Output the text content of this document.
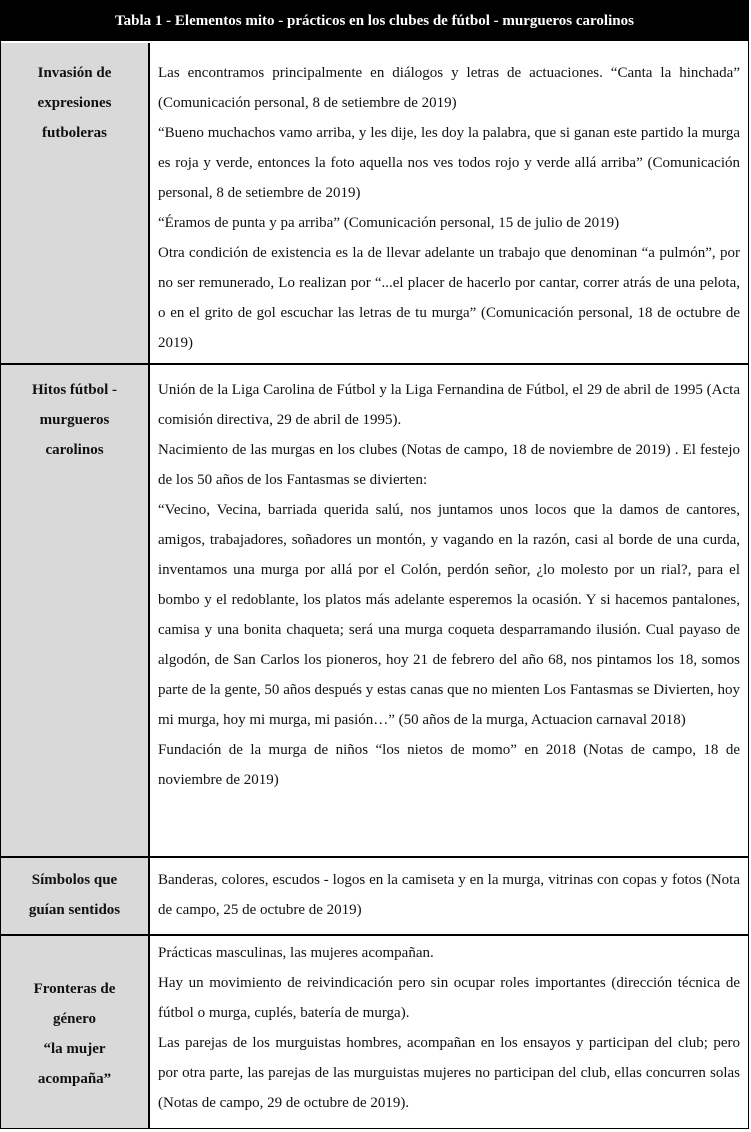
Tabla 1 - Elementos mito - prácticos en los clubes de fútbol - murgueros carolinos
Invasión de
expresiones
futboleras

Las encontramos principalmente en diálogos y letras de actuaciones. “Canta la hinchada” (Comunicación personal, 8 de setiembre de 2019)

“Bueno muchachos vamo arriba, y les dije, les doy la palabra, que si ganan este partido la murga es roja y verde, entonces la foto aquella nos ves todos rojo y verde allá arriba” (Comunicación personal, 8 de setiembre de 2019)

“Éramos de punta y pa arriba” (Comunicación personal, 15 de julio de 2019)

Otra condición de existencia es la de llevar adelante un trabajo que denominan “a pulmón”, por no ser remunerado, Lo realizan por “...el placer de hacerlo por cantar, correr atrás de una pelota, o en el grito de gol escuchar las letras de tu murga” (Comunicación personal, 18 de octubre de 2019)

Hitos fútbol -
murgueros
carolinos

Unión de la Liga Carolina de Fútbol y la Liga Fernandina de Fútbol, el 29 de abril de 1995 (Acta comisión directiva, 29 de abril de 1995).

Nacimiento de las murgas en los clubes (Notas de campo, 18 de noviembre de 2019) . El festejo de los 50 años de los Fantasmas se divierten:

“Vecino, Vecina, barriada querida salú, nos juntamos unos locos que la damos de cantores, amigos, trabajadores, soñadores un montón, y vagando en la razón, casi al borde de una curda, inventamos una murga por allá por el Colón, perdón señor, ¿lo molesto por un rial?, para el bombo y el redoblante, los platos más adelante esperemos la ocasión. Y si hacemos pantalones, camisa y una bonita chaqueta; será una murga coqueta desparramando ilusión. Cual payaso de algodón, de San Carlos los pioneros, hoy 21 de febrero del año 68, nos pintamos los 18, somos parte de la gente, 50 años después y estas canas que no mienten Los Fantasmas se Divierten, hoy mi murga, hoy mi murga, mi pasión…” (50 años de la murga, Actuacion carnaval 2018)

Fundación de la murga de niños “los nietos de momo” en 2018 (Notas de campo, 18 de noviembre de 2019)

Símbolos que
guían sentidos

Banderas, colores, escudos - logos en la camiseta y en la murga, vitrinas con copas y fotos (Nota de campo, 25 de octubre de 2019)

Fronteras de
género
“la mujer
acompaña”

Prácticas masculinas, las mujeres acompañan.

Hay un movimiento de reivindicación pero sin ocupar roles importantes (dirección técnica de fútbol o murga, cuplés, batería de murga).

Las parejas de los murguistas hombres, acompañan en los ensayos y participan del club; pero por otra parte, las parejas de las murguistas mujeres no participan del club, ellas concurren solas (Notas de campo, 29 de octubre de 2019).
